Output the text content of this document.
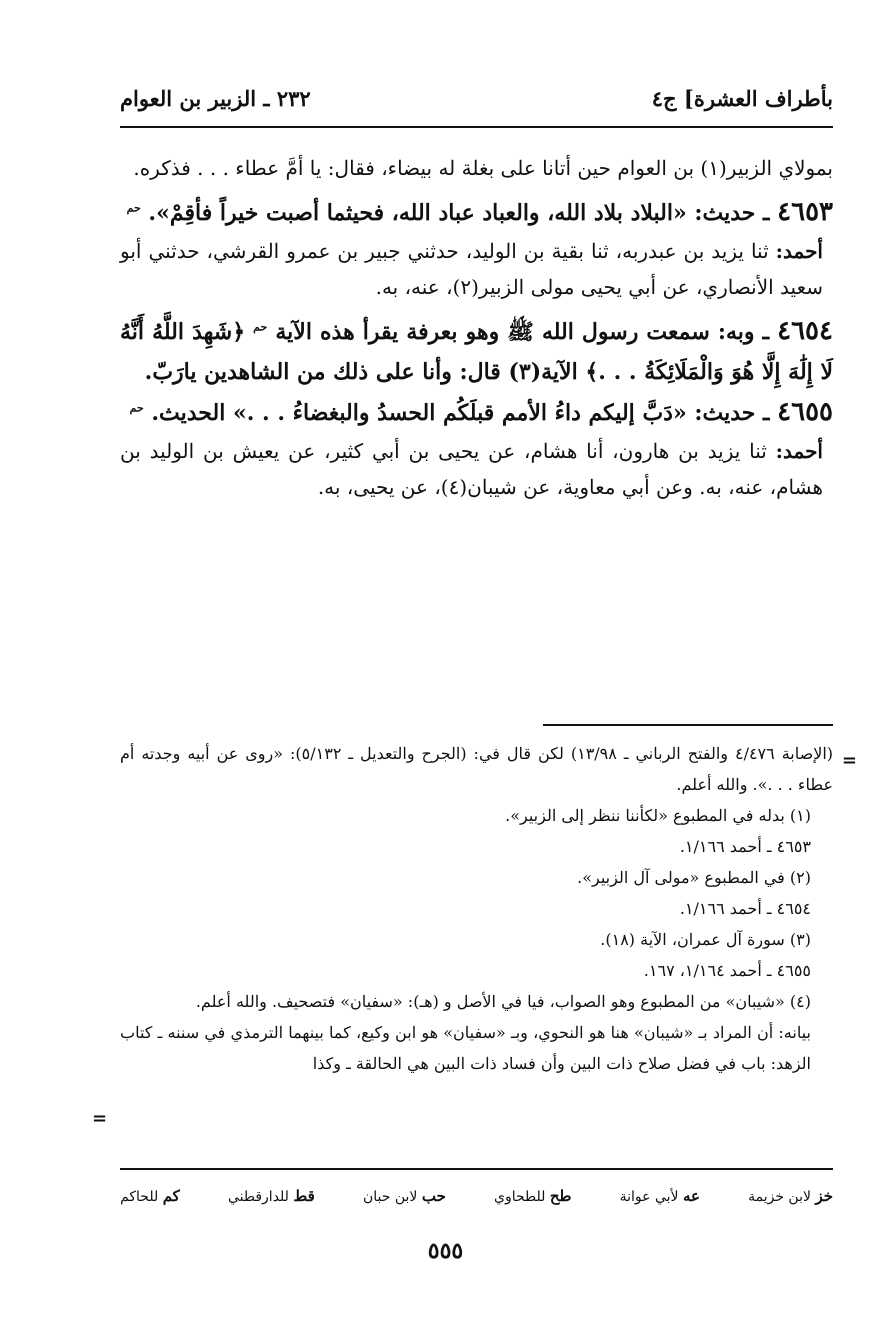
بأطراف العشرة] ج٤
٢٣٢ ـ الزبير بن العوام

بمولاي الزبير(١) بن العوام حين أتانا على بغلة له بيضاء، فقال: يا أمَّ عطاء . . . فذكره.

٤٦٥٣ ـ حديث: «البلاد بلاد الله، والعباد عباد الله، فحيثما أصبت خيراً فأقِمْ». $^{حم}$

أحمد: ثنا يزيد بن عبدربه، ثنا بقية بن الوليد، حدثني جبير بن عمرو القرشي، حدثني أبو سعيد الأنصاري، عن أبي يحيى مولى الزبير(٢)، عنه، به.

٤٦٥٤ ـ وبه: سمعت رسول الله ﷺ وهو بعرفة يقرأ هذه الآية $^{حم}$ ﴿شَهِدَ اللَّهُ أَنَّهُ لَا إِلَٰهَ إِلَّا هُوَ وَالْمَلَائِكَةُ . . .﴾ الآية(٣) قال: وأنا على ذلك من الشاهدين يارَبّ.

٤٦٥٥ ـ حديث: «دَبَّ إليكم داءُ الأمم قبلَكُم الحسدُ والبغضاءُ . . .» الحديث. $^{حم}$

أحمد: ثنا يزيد بن هارون، أنا هشام، عن يحيى بن أبي كثير، عن يعيش بن الوليد بن هشام، عنه، به. وعن أبي معاوية، عن شيبان(٤)، عن يحيى، به.

=

(الإصابة ٤/٤٧٦ والفتح الرباني ـ ١٣/٩٨) لكن قال في: (الجرح والتعديل ـ ٥/١٣٢): «روى عن أبيه وجدته أم عطاء . . .». والله أعلم.

(١) بدله في المطبوع «لكأننا ننظر إلى الزبير».

٤٦٥٣ ـ أحمد ١/١٦٦.

(٢) في المطبوع «مولى آل الزبير».

٤٦٥٤ ـ أحمد ١/١٦٦.

(٣) سورة آل عمران، الآية (١٨).

٤٦٥٥ ـ أحمد ١/١٦٤، ١٦٧.

(٤) «شيبان» من المطبوع وهو الصواب، فيا في الأصل و (هـ): «سفيان» فتصحيف. والله أعلم.

بيانه: أن المراد بـ «شيبان» هنا هو النحوي، وبـ «سفيان» هو ابن وكيع، كما بينهما الترمذي في سننه ـ كتاب الزهد: باب في فضل صلاح ذات البين وأن فساد ذات البين هي الحالقة ـ وكذا

=
خز لابن خزيمة
عه لأبي عوانة
طح للطحاوي
حب لابن حبان
قط للدارقطني
كم للحاكم
٥٥٥
